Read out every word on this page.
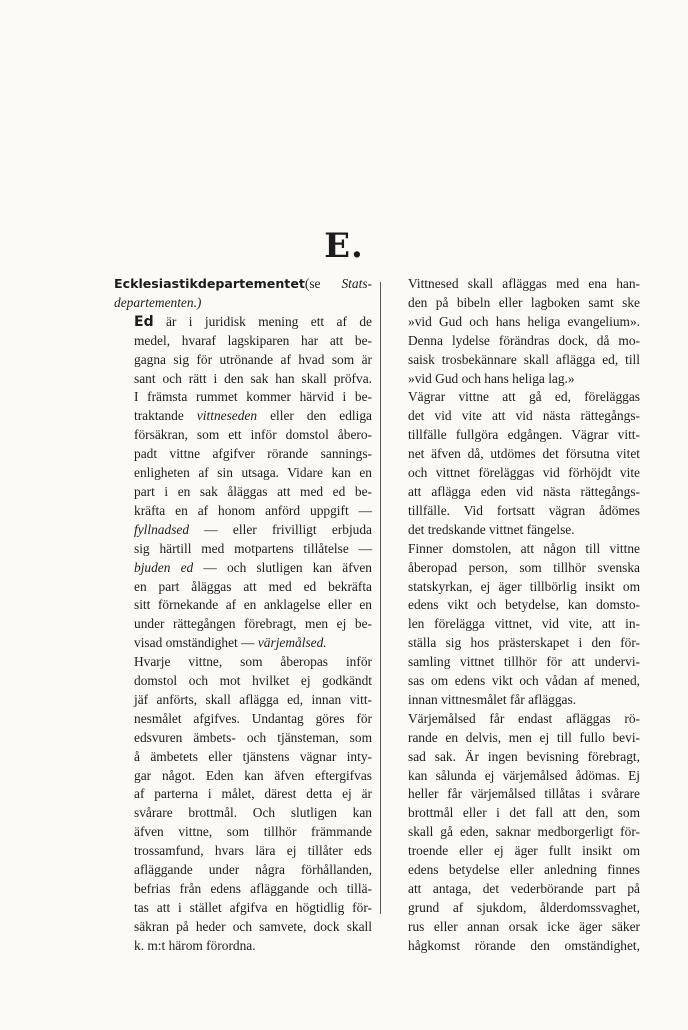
E.

Ecklesiastikdepartementet(se Stats-
departementen.)

Ed är i juridisk mening ett af de
medel, hvaraf lagskiparen har att be-
gagna sig för utrönande af hvad som är
sant och rätt i den sak han skall pröfva.
I främsta rummet kommer härvid i be-
traktande vittneseden eller den edliga
försäkran, som ett inför domstol åbero-
padt vittne afgifver rörande sannings-
enligheten af sin utsaga. Vidare kan en
part i en sak åläggas att med ed be-
kräfta en af honom anförd uppgift —
fyllnadsed — eller frivilligt erbjuda
sig härtill med motpartens tillåtelse —
bjuden ed — och slutligen kan äfven
en part åläggas att med ed bekräfta
sitt förnekande af en anklagelse eller en
under rättegången förebragt, men ej be-
visad omständighet — värjemålsed.

Hvarje vittne, som åberopas inför
domstol och mot hvilket ej godkändt
jäf anförts, skall aflägga ed, innan vitt-
nesmålet afgifves. Undantag göres för
edsvuren ämbets- och tjänsteman, som
å ämbetets eller tjänstens vägnar inty-
gar något. Eden kan äfven eftergifvas
af parterna i målet, därest detta ej är
svårare brottmål. Och slutligen kan
äfven vittne, som tillhör främmande
trossamfund, hvars lära ej tillåter eds
afläggande under några förhållanden,
befrias från edens afläggande och tillä-
tas att i stället afgifva en högtidlig för-
säkran på heder och samvete, dock skall
k. m:t härom förordna.

Vittnesed skall afläggas med ena han-
den på bibeln eller lagboken samt ske
»vid Gud och hans heliga evangelium».
Denna lydelse förändras dock, då mo-
saisk trosbekännare skall aflägga ed, till
»vid Gud och hans heliga lag.»

Vägrar vittne att gå ed, föreläggas
det vid vite att vid nästa rättegångs-
tillfälle fullgöra edgången. Vägrar vitt-
net äfven då, utdömes det försutna vitet
och vittnet föreläggas vid förhöjdt vite
att aflägga eden vid nästa rättegångs-
tillfälle. Vid fortsatt vägran ådömes
det tredskande vittnet fängelse.

Finner domstolen, att någon till vittne
åberopad person, som tillhör svenska
statskyrkan, ej äger tillbörlig insikt om
edens vikt och betydelse, kan domsto-
len förelägga vittnet, vid vite, att in-
ställa sig hos prästerskapet i den för-
samling vittnet tillhör för att undervi-
sas om edens vikt och vådan af mened,
innan vittnesmålet får afläggas.

Värjemålsed får endast afläggas rö-
rande en delvis, men ej till fullo bevi-
sad sak. Är ingen bevisning förebragt,
kan sålunda ej värjemålsed ådömas. Ej
heller får värjemålsed tillåtas i svårare
brottmål eller i det fall att den, som
skall gå eden, saknar medborgerligt för-
troende eller ej äger fullt insikt om
edens betydelse eller anledning finnes
att antaga, det vederbörande part på
grund af sjukdom, ålderdomssvaghet,
rus eller annan orsak icke äger säker
hågkomst rörande den omständighet,
